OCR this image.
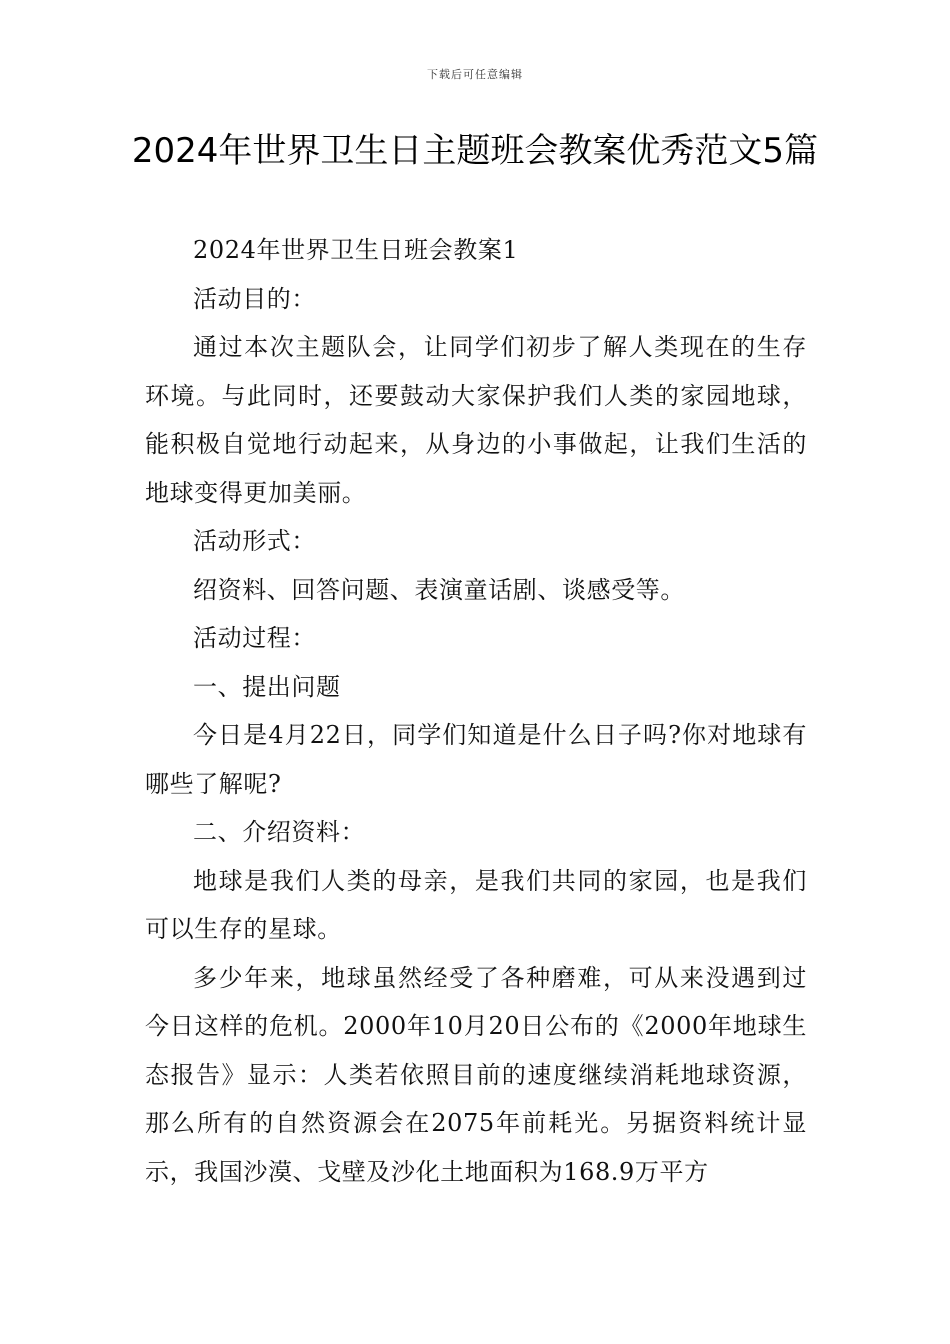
下载后可任意编辑
2024年世界卫生日主题班会教案优秀范文5篇

2024年世界卫生日班会教案1

活动目的：

通过本次主题队会，让同学们初步了解人类现在的生存环境。与此同时，还要鼓动大家保护我们人类的家园地球，能积极自觉地行动起来，从身边的小事做起，让我们生活的地球变得更加美丽。

活动形式：

绍资料、回答问题、表演童话剧、谈感受等。

活动过程：

一、提出问题

今日是4月22日，同学们知道是什么日子吗?你对地球有哪些了解呢?

二、介绍资料：

地球是我们人类的母亲，是我们共同的家园，也是我们可以生存的星球。

多少年来，地球虽然经受了各种磨难，可从来没遇到过今日这样的危机。2000年10月20日公布的《2000年地球生态报告》显示：人类若依照目前的速度继续消耗地球资源，那么所有的自然资源会在2075年前耗光。另据资料统计显示，我国沙漠、戈壁及沙化土地面积为168.9万平方
